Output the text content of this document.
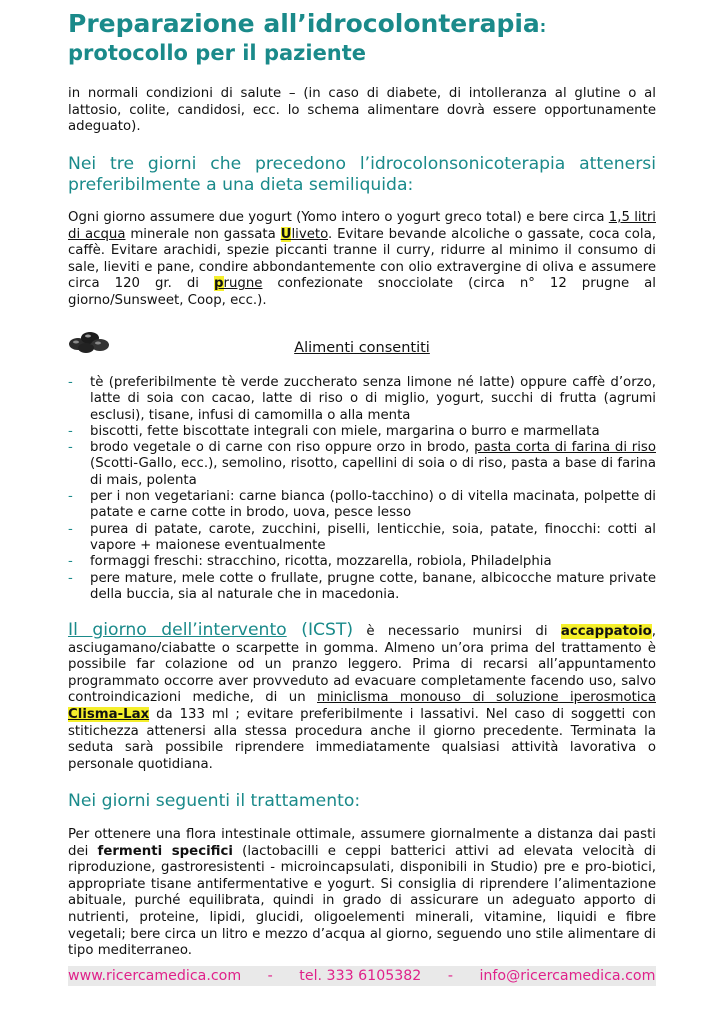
Preparazione all’idrocolonterapia:
protocollo per il paziente
in normali condizioni di salute – (in caso di diabete, di intolleranza al glutine o al lattosio, colite, candidosi, ecc. lo schema alimentare dovrà essere opportunamente adeguato).
Nei tre giorni che precedono l’idrocolonsonicoterapia attenersi preferibilmente a una dieta semiliquida:
Ogni giorno assumere due yogurt (Yomo intero o yogurt greco total) e bere circa 1,5 litri di acqua minerale non gassata Uliveto. Evitare bevande alcoliche o gassate, coca cola, caffè. Evitare arachidi, spezie piccanti tranne il curry, ridurre al minimo il consumo di sale, lieviti e pane, condire abbondantemente con olio extravergine di oliva e assumere circa 120 gr. di prugne confezionate snocciolate (circa n° 12 prugne al giorno/Sunsweet, Coop, ecc.).
Alimenti consentiti
- tè (preferibilmente tè verde zuccherato senza limone né latte) oppure caffè d’orzo, latte di soia con cacao, latte di riso o di miglio, yogurt, succhi di frutta (agrumi esclusi), tisane, infusi di camomilla o alla menta
- biscotti, fette biscottate integrali con miele, margarina o burro e marmellata
- brodo vegetale o di carne con riso oppure orzo in brodo, pasta corta di farina di riso (Scotti-Gallo, ecc.), semolino, risotto, capellini di soia o di riso, pasta a base di farina di mais, polenta
- per i non vegetariani: carne bianca (pollo-tacchino) o di vitella macinata, polpette di patate e carne cotte in brodo, uova, pesce lesso
- purea di patate, carote, zucchini, piselli, lenticchie, soia, patate, finocchi: cotti al vapore + maionese eventualmente
- formaggi freschi: stracchino, ricotta, mozzarella, robiola, Philadelphia
- pere mature, mele cotte o frullate, prugne cotte, banane, albicocche mature private della buccia, sia al naturale che in macedonia.
Il giorno dell’intervento (ICST) è necessario munirsi di accappatoio, asciugamano/ciabatte o scarpette in gomma. Almeno un’ora prima del trattamento è possibile far colazione od un pranzo leggero. Prima di recarsi all’appuntamento programmato occorre aver provveduto ad evacuare completamente facendo uso, salvo controindicazioni mediche, di un miniclisma monouso di soluzione iperosmotica Clisma-Lax da 133 ml ; evitare preferibilmente i lassativi. Nel caso di soggetti con stitichezza attenersi alla stessa procedura anche il giorno precedente. Terminata la seduta sarà possibile riprendere immediatamente qualsiasi attività lavorativa o personale quotidiana.
Nei giorni seguenti il trattamento:
Per ottenere una flora intestinale ottimale, assumere giornalmente a distanza dai pasti dei fermenti specifici (lactobacilli e ceppi batterici attivi ad elevata velocità di riproduzione, gastroresistenti - microincapsulati, disponibili in Studio) pre e pro-biotici, appropriate tisane antifermentative e yogurt. Si consiglia di riprendere l’alimentazione abituale, purché equilibrata, quindi in grado di assicurare un adeguato apporto di nutrienti, proteine, lipidi, glucidi, oligoelementi minerali, vitamine, liquidi e fibre vegetali; bere circa un litro e mezzo d’acqua al giorno, seguendo uno stile alimentare di tipo mediterraneo.
www.ricercamedica.com - tel. 333 6105382 - info@ricercamedica.com
